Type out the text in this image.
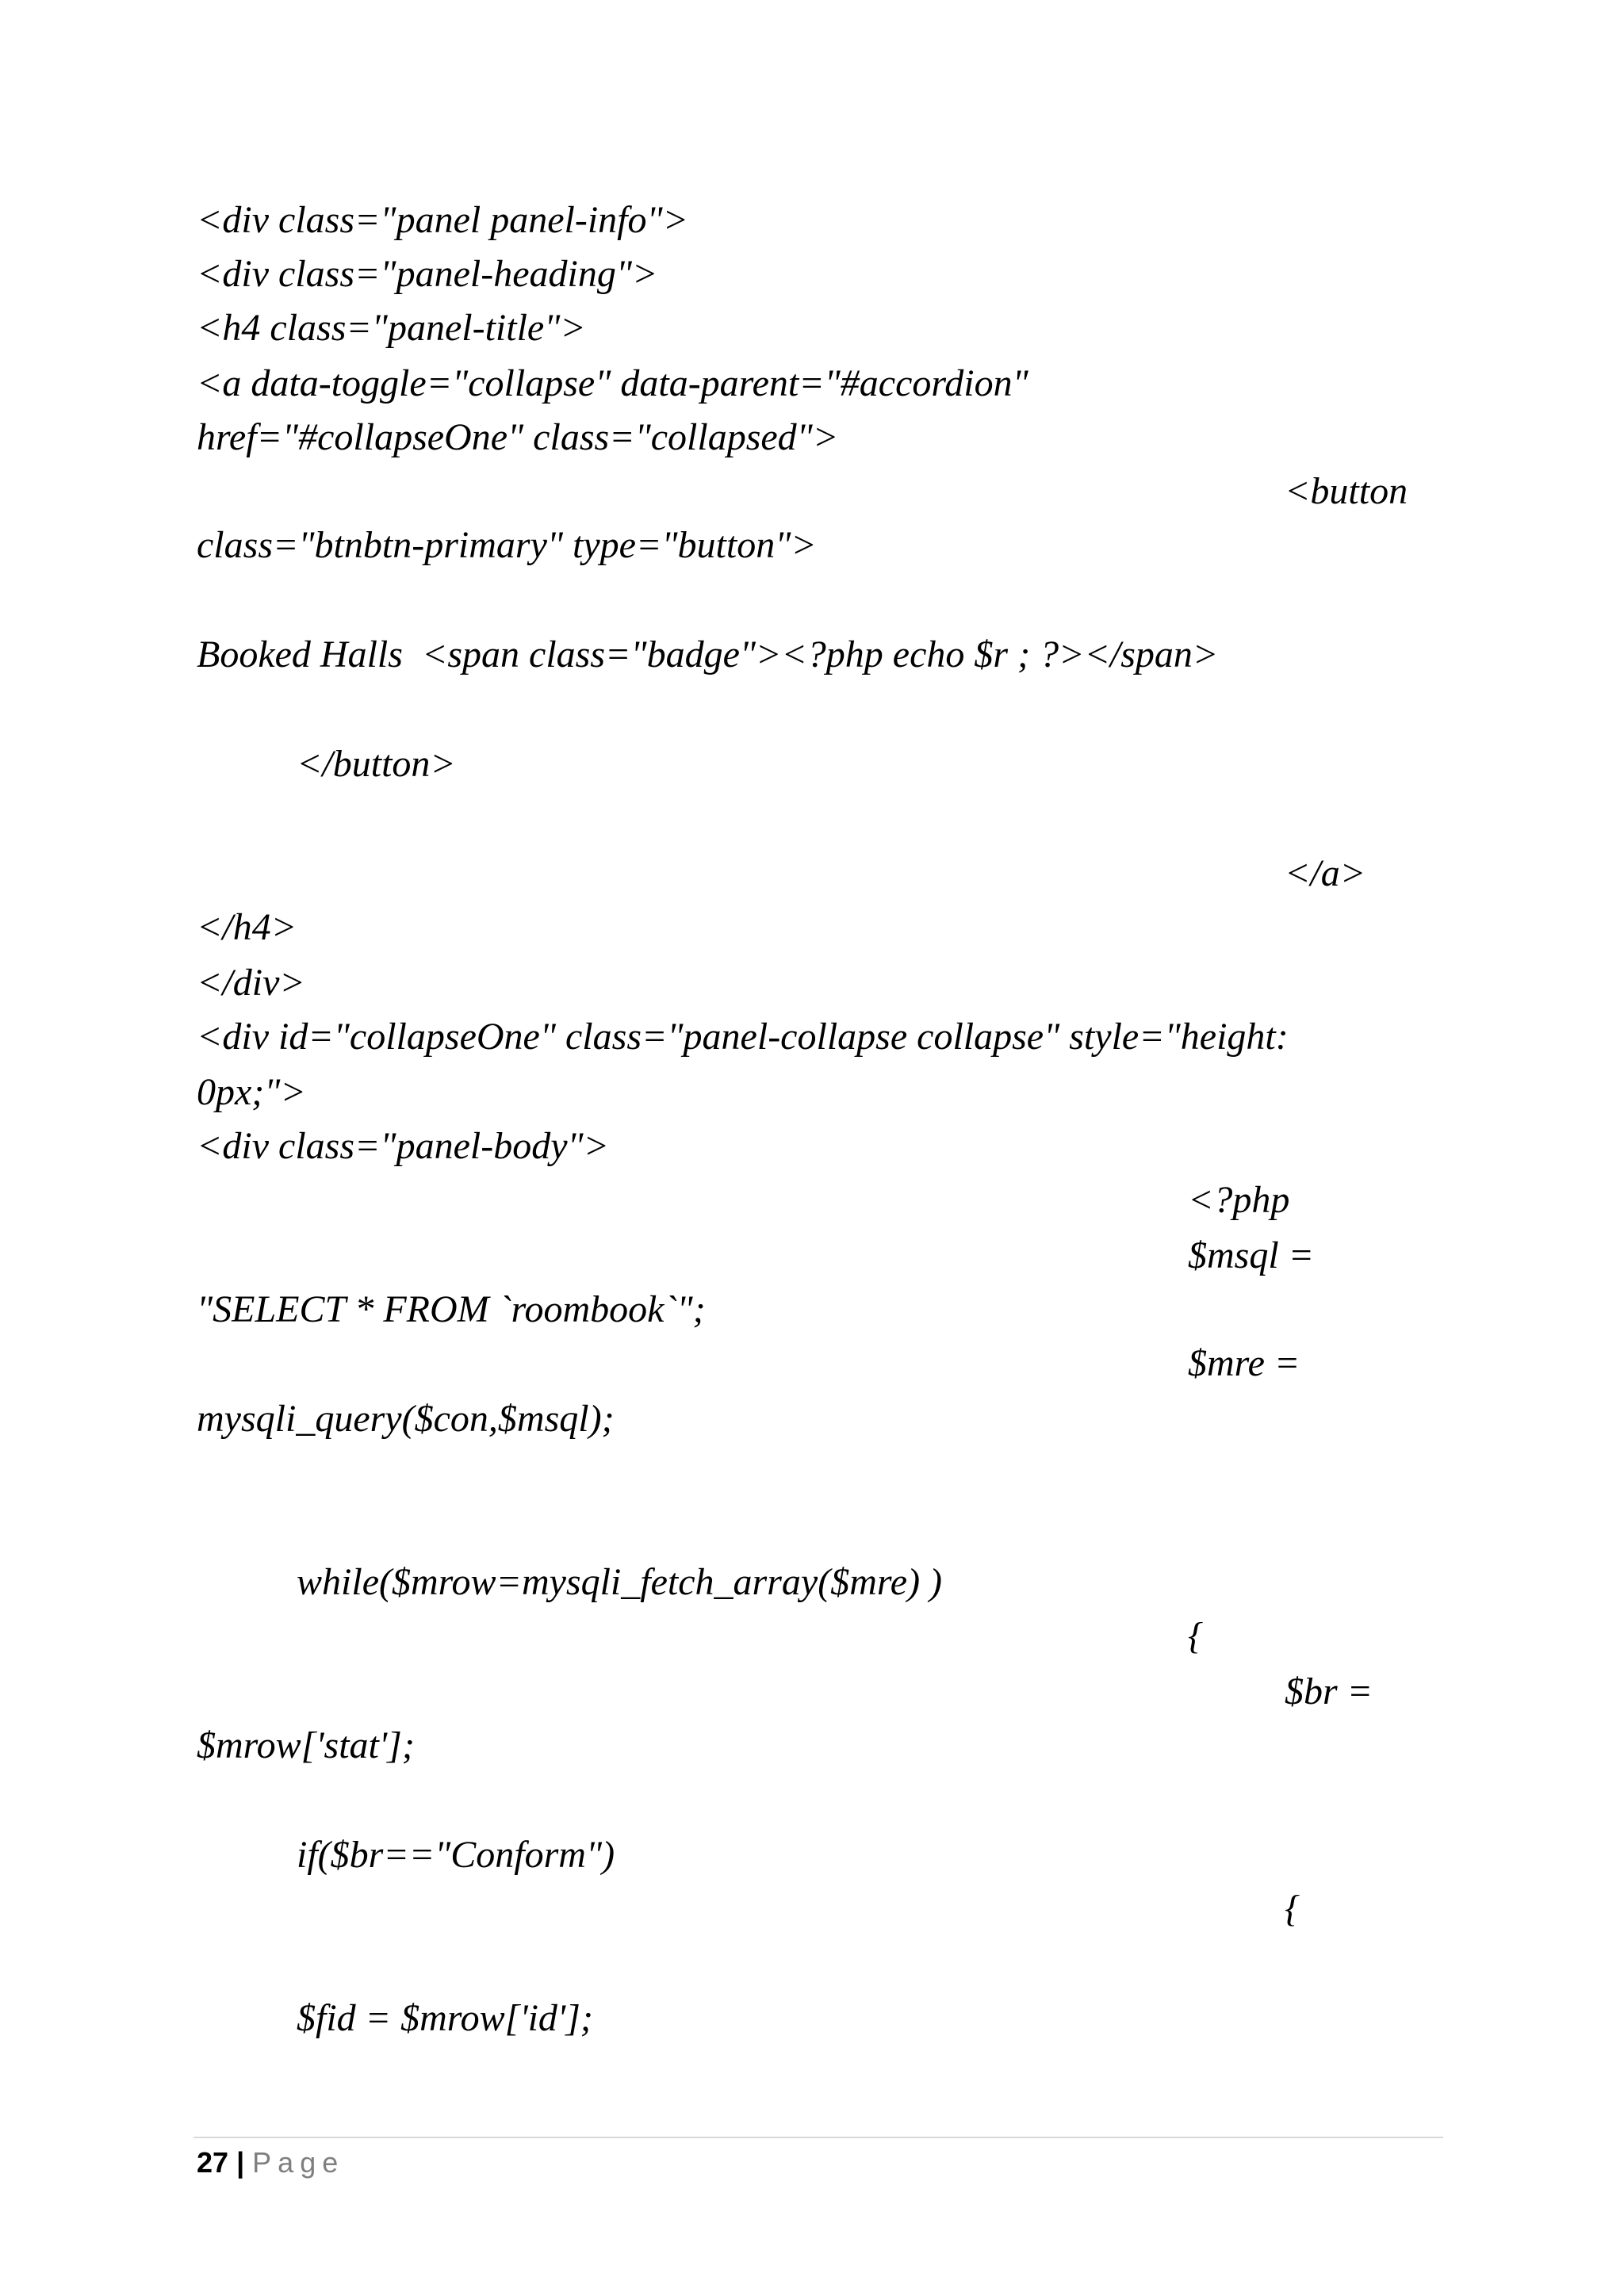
<div class="panel panel-info">
<div class="panel-heading">
<h4 class="panel-title">
<a data-toggle="collapse" data-parent="#accordion"
href="#collapseOne" class="collapsed">
<button
class="btnbtn-primary" type="button">
Booked Halls  <span class="badge"><?php echo $r ; ?></span>
</button>
</a>
</h4>
</div>
<div id="collapseOne" class="panel-collapse collapse" style="height:
0px;">
<div class="panel-body">
<?php
$msql =
"SELECT * FROM `roombook`";
$mre =
mysqli_query($con,$msql);
while($mrow=mysqli_fetch_array($mre) )
{
$br =
$mrow['stat'];
if($br=="Conform")
{
$fid = $mrow['id'];
27 | Page
